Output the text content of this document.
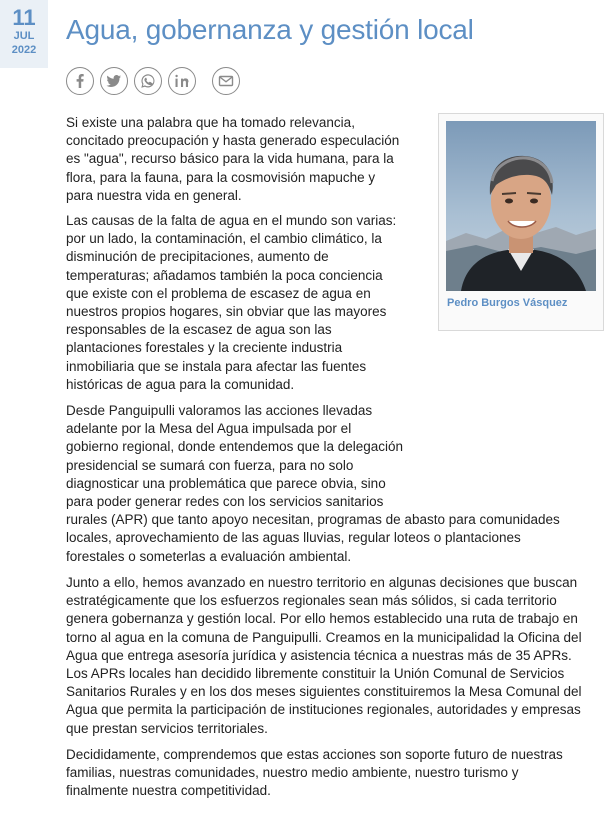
11
JUL
2022
Agua, gobernanza y gestión local
Pedro Burgos Vásquez

Si existe una palabra que ha tomado relevancia,
concitado preocupación y hasta generado especulación
es "agua", recurso básico para la vida humana, para la
flora, para la fauna, para la cosmovisión mapuche y
para nuestra vida en general.

Las causas de la falta de agua en el mundo son varias:
por un lado, la contaminación, el cambio climático, la
disminución de precipitaciones, aumento de
temperaturas; añadamos también la poca conciencia
que existe con el problema de escasez de agua en
nuestros propios hogares, sin obviar que las mayores
responsables de la escasez de agua son las
plantaciones forestales y la creciente industria
inmobiliaria que se instala para afectar las fuentes
históricas de agua para la comunidad.

Desde Panguipulli valoramos las acciones llevadas
adelante por la Mesa del Agua impulsada por el
gobierno regional, donde entendemos que la delegación
presidencial se sumará con fuerza, para no solo
diagnosticar una problemática que parece obvia, sino
para poder generar redes con los servicios sanitarios
rurales (APR) que tanto apoyo necesitan, programas de abasto para comunidades
locales, aprovechamiento de las aguas lluvias, regular loteos o plantaciones
forestales o someterlas a evaluación ambiental.

Junto a ello, hemos avanzado en nuestro territorio en algunas decisiones que buscan
estratégicamente que los esfuerzos regionales sean más sólidos, si cada territorio
genera gobernanza y gestión local. Por ello hemos establecido una ruta de trabajo en
torno al agua en la comuna de Panguipulli. Creamos en la municipalidad la Oficina del
Agua que entrega asesoría jurídica y asistencia técnica a nuestras más de 35 APRs.
Los APRs locales han decidido libremente constituir la Unión Comunal de Servicios
Sanitarios Rurales y en los dos meses siguientes constituiremos la Mesa Comunal del
Agua que permita la participación de instituciones regionales, autoridades y empresas
que prestan servicios territoriales.

Decididamente, comprendemos que estas acciones son soporte futuro de nuestras
familias, nuestras comunidades, nuestro medio ambiente, nuestro turismo y
finalmente nuestra competitividad.
